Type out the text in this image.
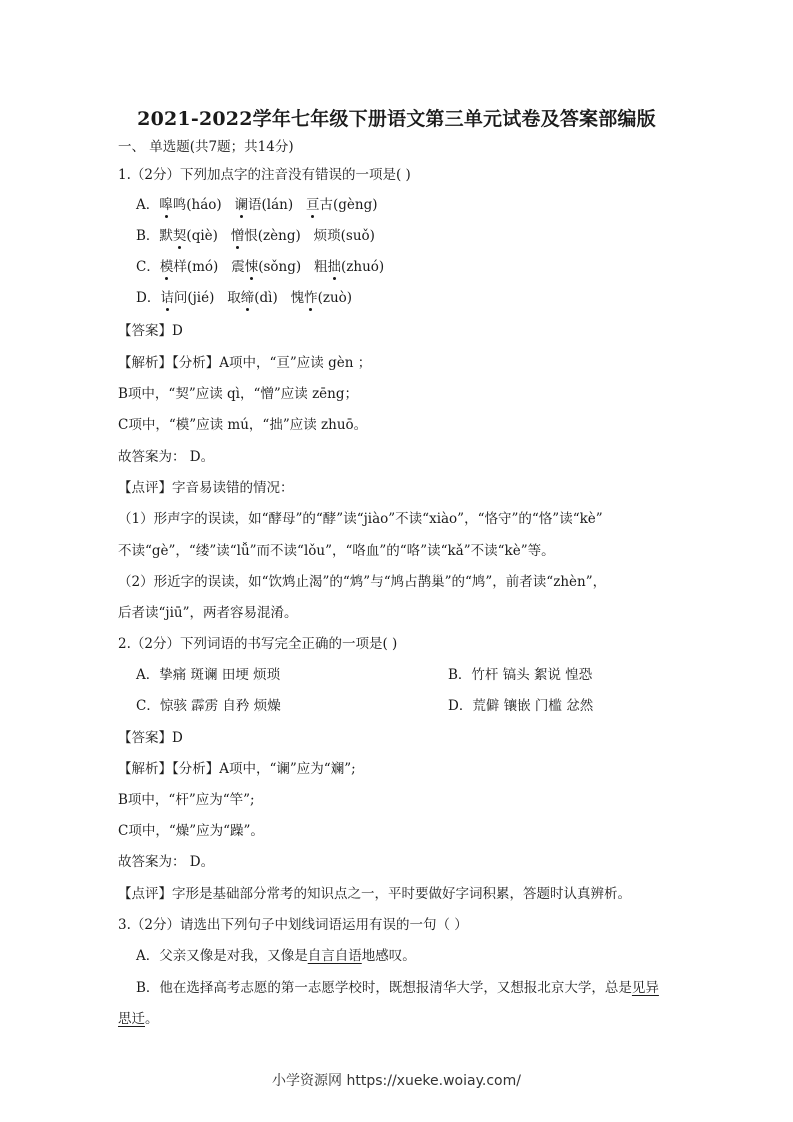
2021-2022学年七年级下册语文第三单元试卷及答案部编版
一、 单选题(共7题；共14分)
1.（2分）下列加点字的注音没有错误的一项是( )
A．嗥鸣(háo) 谰语(lán) 亘古(gèng)
B．默契(qiè) 憎恨(zèng) 烦琐(suǒ)
C．模样(mó) 震悚(sǒng) 粗拙(zhuó)
D．诘问(jié) 取缔(dì) 愧怍(zuò)
【答案】D
【解析】【分析】A项中，“亘”应读 gèn ；
B项中，“契”应读 qì，“憎”应读 zēng；
C项中，“模”应读 mú，“拙”应读 zhuō。
故答案为： D。
【点评】字音易读错的情况：
（1）形声字的误读，如“酵母”的“酵”读“jiào”不读“xiào”，“恪守”的“恪”读“kè”
不读“gè”，“缕”读“lǚ”而不读“lǒu”，“咯血”的“咯”读“kǎ”不读“kè”等。
（2）形近字的误读，如“饮鸩止渴”的“鸩”与“鸠占鹊巢”的“鸠”，前者读“zhèn”，
后者读“jiū”，两者容易混淆。
2.（2分）下列词语的书写完全正确的一项是( )
A．挚痛 斑谰 田埂 烦琐	B．竹杆 镐头 絮说 惶恐
C．惊骇 霹雳 自矜 烦燥	D．荒僻 镶嵌 门槛 忿然
【答案】D
【解析】【分析】A项中，“谰”应为“斓”;
B项中，“杆”应为“竿”;
C项中，“燥”应为“躁”。
故答案为： D。
【点评】字形是基础部分常考的知识点之一，平时要做好字词积累，答题时认真辨析。
3.（2分）请选出下列句子中划线词语运用有误的一句（ ）
A．父亲又像是对我，又像是自言自语地感叹。
B．他在选择高考志愿的第一志愿学校时，既想报清华大学，又想报北京大学，总是见异
思迁。
小学资源网 https://xueke.woiay.com/
